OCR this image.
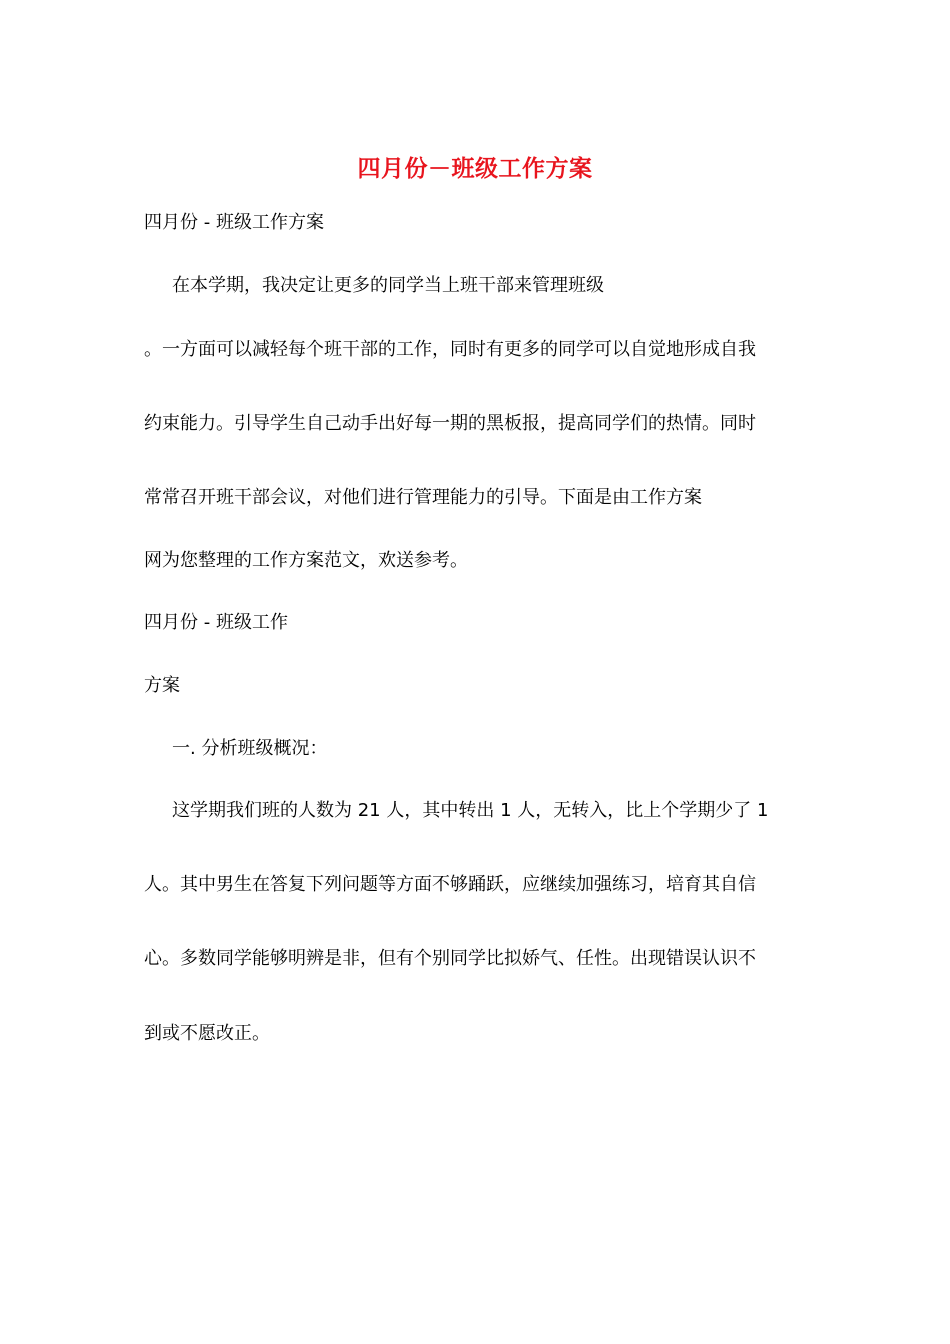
四月份－班级工作方案
四月份 - 班级工作方案
在本学期，我决定让更多的同学当上班干部来管理班级
。一方面可以减轻每个班干部的工作，同时有更多的同学可以自觉地形成自我
约束能力。引导学生自己动手出好每一期的黑板报，提高同学们的热情。同时
常常召开班干部会议，对他们进行管理能力的引导。下面是由工作方案
网为您整理的工作方案范文，欢送参考。
四月份 - 班级工作
方案
一. 分析班级概况：
这学期我们班的人数为 21 人，其中转出 1 人，无转入，比上个学期少了 1
人。其中男生在答复下列问题等方面不够踊跃，应继续加强练习，培育其自信
心。多数同学能够明辨是非，但有个别同学比拟娇气、任性。出现错误认识不
到或不愿改正。
